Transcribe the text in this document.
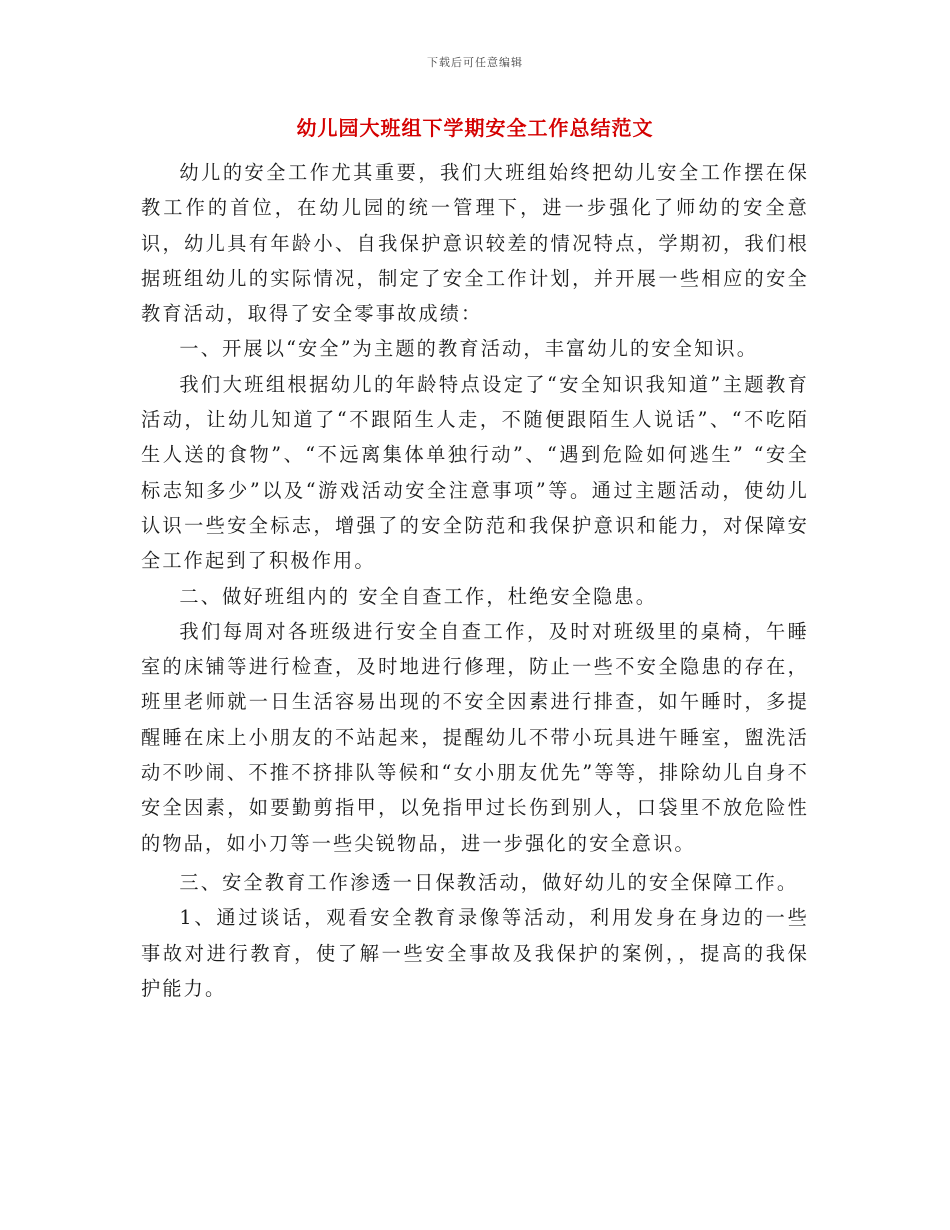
下载后可任意编辑
幼儿园大班组下学期安全工作总结范文

幼儿的安全工作尤其重要，我们大班组始终把幼儿安全工作摆在保教工作的首位，在幼儿园的统一管理下，进一步强化了师幼的安全意识，幼儿具有年龄小、自我保护意识较差的情况特点，学期初，我们根据班组幼儿的实际情况，制定了安全工作计划，并开展一些相应的安全教育活动，取得了安全零事故成绩：

一、开展以“安全”为主题的教育活动，丰富幼儿的安全知识。

我们大班组根据幼儿的年龄特点设定了“安全知识我知道”主题教育活动，让幼儿知道了“不跟陌生人走，不随便跟陌生人说话”、“不吃陌生人送的食物”、“不远离集体单独行动”、“遇到危险如何逃生” “安全标志知多少”以及“游戏活动安全注意事项”等。通过主题活动，使幼儿认识一些安全标志，增强了的安全防范和我保护意识和能力，对保障安全工作起到了积极作用。

二、做好班组内的 安全自查工作，杜绝安全隐患。

我们每周对各班级进行安全自查工作，及时对班级里的桌椅，午睡室的床铺等进行检查，及时地进行修理，防止一些不安全隐患的存在，班里老师就一日生活容易出现的不安全因素进行排查，如午睡时，多提醒睡在床上小朋友的不站起来，提醒幼儿不带小玩具进午睡室，盥洗活动不吵闹、不推不挤排队等候和“女小朋友优先”等等，排除幼儿自身不安全因素，如要勤剪指甲，以免指甲过长伤到别人，口袋里不放危险性的物品，如小刀等一些尖锐物品，进一步强化的安全意识。

三、安全教育工作渗透一日保教活动，做好幼儿的安全保障工作。

1、通过谈话，观看安全教育录像等活动，利用发身在身边的一些事故对进行教育，使了解一些安全事故及我保护的案例，，提高的我保护能力。
